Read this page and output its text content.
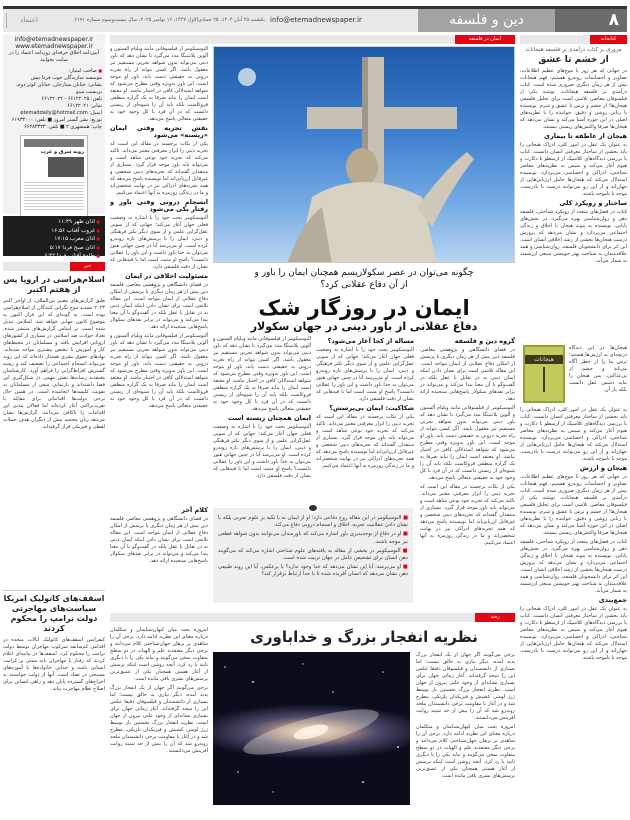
۸
دین و فلسفه
info@etemadnewspaper.ir
یکشنبه ۲۵ آبان ۱۴۰۴، ۲۵ جمادی‌الاول ۱۴۴۷، ۱۶ نوامبر ۲۰۲۵، سال بیست‌وسوم شماره ۶۱۹۱
اعتماد
info@etemadnewspaper.ir
www.etemadnewspaper.ir
آیین‌نامه اخلاق حرفه‌ای روزنامه اعتماد را در سایت بخوانید
■ صاحب امتیاز:
موسسه سازندگان خوب فردا بیش
نشانی: خیابان ستارخان، خیابان کوثر دوم، بن‌بست مینو
تلفن: ۶۶۱۲۲۰۲۵ - ۶۶۱۲۲۰۲۲
نمابر: ۶۶۱۲۲۰۲۱
ایمیل: etemaddaily@hotmail.com
توزیع: نشر گستر امروز ■ تلفن: ۶۱۹۳۳۰۰۰
چاپ: همشهری ۲ ■ تلفن: ۶۶۲۸۳۳۳۳
روبه شرق و غرب
■ اذان ظهر ۱۱:۴۹
■ غروب آفتاب ۱۶:۵۶
■ اذان مغرب ۱۷:۱۵
■ اذان صبح فردا ۵:۱۷
■ طلوع آفتاب فردا ۶:۴۲
خبر
اسلام‌هراسی در اروپا پس از هفتم اکتبر
طبق گزارش‌های معتبر بین‌المللی، از اواخر اکتبر ۲۰۲۳ تشدید موج نگرانی کنندگان از اسلام‌هراسی بوده است. به گونه‌ای که این فراز اکنون به موضوع کانون جهانی خواهد شد. اسلامی تبدیل شده است. بر اساس گزارش‌های منتشر شده، تعداد حوادث ضد اسلامی در بسیاری از کشورهای اروپایی افزایش یافته و مسلمانان در محیط‌های کار و آموزش با تبعیض بیشتری مواجه شده‌اند. نهادهای حقوق بشری هشدار داده‌اند که این روند می‌تواند انسجام اجتماعی را تضعیف کند و زمینه گسترش افراط‌گرایی را فراهم آورد. کارشناسان معتقدند رسانه‌ها نقش مهمی در شکل‌گیری این فضا داشته‌اند و بازنمایی منفی از مسلمانان به تقویت کلیشه‌ها انجامیده است. در همین حال برخی دولت‌ها اقداماتی برای مقابله با نفرت‌پراکنی آغاز کرده‌اند اما فعالان مدنی این اقدامات را ناکافی می‌دانند. گزارش‌ها نشان می‌دهد زنان محجبه بیش از دیگران هدف حملات لفظی و فیزیکی قرار گرفته‌اند.
اسقف‌های کاتولیک امریکا سیاست‌های مهاجرتی دولت ترامپ را محکوم کردند
کنفرانس اسقف‌های کاتولیک ایالات متحده در اقدامی کم‌سابقه سرکوب مهاجران توسط دولت ترامپ را محکوم کرد. اسقف‌ها در بیانیه‌ای اعلام کردند که رفتار با مهاجران باید مبتنی بر کرامت انسانی باشد و جدایی خانواده‌ها با آموزه‌های مسیحی در تضاد است. آنها از دولت خواستند به اخراج‌های گسترده پایان دهد و راهی انسانی برای اصلاح نظام مهاجرت بیابد.
ایمان در فلسفه

آلنوسیکومر از فیلسوفانی مانند ویلیام آلستون و آلوین پلانتینگا مدد می‌گیرد تا نشان دهد که باور دینی می‌تواند بدون شواهد تجربی مستقیم نیز معقول باشد. اگر کسی بتواند از راه تجربه درونی به حقیقتی دست یابد، باور او موجه است. این باور به‌ویژه وقتی مطرح می‌شود که شواهد استدلالی کافی در اختیار نباشد. او معتقد است ایمان را نباید صرفا به یک گزاره منطقی فروکاست بلکه باید آن را شیوه‌ای از زیستن دانست که در آن فرد با کل وجود خود به حقیقتی متعالی پاسخ می‌دهد.

نقش تجربه وقتی ایمان «زیسته» می‌شود

یکی از نکات برجسته در مقاله این است که تجربه دینی را ابزار معرفتی معتبر می‌داند. تاکید می‌کند که تجربه خود نوعی شاهد است و می‌تواند پایه باور موجه قرار گیرد. بسیاری از منتقدان گفته‌اند که تجربه‌های دینی شخصی و غیرقابل ارزیابی‌اند اما نویسنده پاسخ می‌دهد که همه تجربه‌های ادراکی نیز در نهایت شخصی‌اند و ما در زندگی روزمره به آنها اعتماد می‌کنیم.

انسجام درونی وقتی باور و رفتار یکی می‌شود

آلنوسیکومر بحث خود را با اشاره به وضعیت فعلی جهان آغاز می‌کند؛ جهانی که از سویی عقل‌گرایی علمی و از سوی دیگر تکثر فرهنگی و دینی، ایمان را با پرسش‌های تازه روبه‌رو کرده است. او می‌پرسد آیا در چنین جهانی هنوز می‌توان به خدا باور داشت و این باور را عقلانی دانست؟ پاسخ او مثبت است اما با قیدهایی که نشان از دقت فلسفی دارد.

مسئولیت اخلاقی در ایمان

در فضای دانشگاهی و پژوهشی معاصر، فلسفه دین بیش از هر زمان دیگری با پرسش از امکان دفاع عقلانی از ایمان مواجه است. این مقاله تلاشی است برای نشان دادن اینکه ایمان دینی نه در تقابل با عقل بلکه در گفت‌وگو با آن معنا پیدا می‌کند و می‌تواند در برابر نقدهای سکولار پاسخ‌هایی سنجیده ارائه دهد.

آلنوسیکومر از فیلسوفانی مانند ویلیام آلستون و آلوین پلانتینگا مدد می‌گیرد تا نشان دهد که باور دینی می‌تواند بدون شواهد تجربی مستقیم نیز معقول باشد. اگر کسی بتواند از راه تجربه درونی به حقیقتی دست یابد، باور او موجه است. این باور به‌ویژه وقتی مطرح می‌شود که شواهد استدلالی کافی در اختیار نباشد. او معتقد است ایمان را نباید صرفا به یک گزاره منطقی فروکاست بلکه باید آن را شیوه‌ای از زیستن دانست که در آن فرد با کل وجود خود به حقیقتی متعالی پاسخ می‌دهد.

کلام آخر

در فضای دانشگاهی و پژوهشی معاصر، فلسفه دین بیش از هر زمان دیگری با پرسش از امکان دفاع عقلانی از ایمان مواجه است. این مقاله تلاشی است برای نشان دادن اینکه ایمان دینی نه در تقابل با عقل بلکه در گفت‌وگو با آن معنا پیدا می‌کند و می‌تواند در برابر نقدهای سکولار پاسخ‌هایی سنجیده ارائه دهد.

چگونه می‌توان در عصر سکولاریسم همچنان ایمان را باور و از آن دفاع عقلانی کرد؟
ایمان در روزگار شک
دفاع عقلانی از باور دینی در جهان سکولار
گروه دین و فلسفه

در فضای دانشگاهی و پژوهشی معاصر، فلسفه دین بیش از هر زمان دیگری با پرسش از امکان دفاع عقلانی از ایمان مواجه است. این مقاله تلاشی است برای نشان دادن اینکه ایمان دینی نه در تقابل با عقل بلکه در گفت‌وگو با آن معنا پیدا می‌کند و می‌تواند در برابر نقدهای سکولار پاسخ‌هایی سنجیده ارائه دهد.

آلنوسیکومر از فیلسوفانی مانند ویلیام آلستون و آلوین پلانتینگا مدد می‌گیرد تا نشان دهد که باور دینی می‌تواند بدون شواهد تجربی مستقیم نیز معقول باشد. اگر کسی بتواند از راه تجربه درونی به حقیقتی دست یابد، باور او موجه است. این باور به‌ویژه وقتی مطرح می‌شود که شواهد استدلالی کافی در اختیار نباشد. او معتقد است ایمان را نباید صرفا به یک گزاره منطقی فروکاست بلکه باید آن را شیوه‌ای از زیستن دانست که در آن فرد با کل وجود خود به حقیقتی متعالی پاسخ می‌دهد.

یکی از نکات برجسته در مقاله این است که تجربه دینی را ابزار معرفتی معتبر می‌داند. تاکید می‌کند که تجربه خود نوعی شاهد است و می‌تواند پایه باور موجه قرار گیرد. بسیاری از منتقدان گفته‌اند که تجربه‌های دینی شخصی و غیرقابل ارزیابی‌اند اما نویسنده پاسخ می‌دهد که همه تجربه‌های ادراکی نیز در نهایت شخصی‌اند و ما در زندگی روزمره به آنها اعتماد می‌کنیم.

مساله از کجا آغاز می‌شود؟

آلنوسیکومر بحث خود را با اشاره به وضعیت فعلی جهان آغاز می‌کند؛ جهانی که از سویی عقل‌گرایی علمی و از سوی دیگر تکثر فرهنگی و دینی، ایمان را با پرسش‌های تازه روبه‌رو کرده است. او می‌پرسد آیا در چنین جهانی هنوز می‌توان به خدا باور داشت و این باور را عقلانی دانست؟ پاسخ او مثبت است اما با قیدهایی که نشان از دقت فلسفی دارد.

شکاکیت: ایمان بی‌پرسش؟

یکی از نکات برجسته در مقاله این است که تجربه دینی را ابزار معرفتی معتبر می‌داند. تاکید می‌کند که تجربه خود نوعی شاهد است و می‌تواند پایه باور موجه قرار گیرد. بسیاری از منتقدان گفته‌اند که تجربه‌های دینی شخصی و غیرقابل ارزیابی‌اند اما نویسنده پاسخ می‌دهد که همه تجربه‌های ادراکی نیز در نهایت شخصی‌اند و ما در زندگی روزمره به آنها اعتماد می‌کنیم.

آلنوسیکومر از فیلسوفانی مانند ویلیام آلستون و آلوین پلانتینگا مدد می‌گیرد تا نشان دهد که باور دینی می‌تواند بدون شواهد تجربی مستقیم نیز معقول باشد. اگر کسی بتواند از راه تجربه درونی به حقیقتی دست یابد، باور او موجه است. این باور به‌ویژه وقتی مطرح می‌شود که شواهد استدلالی کافی در اختیار نباشد. او معتقد است ایمان را نباید صرفا به یک گزاره منطقی فروکاست بلکه باید آن را شیوه‌ای از زیستن دانست که در آن فرد با کل وجود خود به حقیقتی متعالی پاسخ می‌دهد.

ایمان همچنان زیسته است

آلنوسیکومر بحث خود را با اشاره به وضعیت فعلی جهان آغاز می‌کند؛ جهانی که از سویی عقل‌گرایی علمی و از سوی دیگر تکثر فرهنگی و دینی، ایمان را با پرسش‌های تازه روبه‌رو کرده است. او می‌پرسد آیا در چنین جهانی هنوز می‌توان به خدا باور داشت و این باور را عقلانی دانست؟ پاسخ او مثبت است اما با قیدهایی که نشان از دقت فلسفی دارد.

■ آلنوسیکومر در این مقاله روح دفاعی دارد؛ او از ایمان نه با تکیه بر علوم تجربی بلکه با نشان دادن عقلانیت تجربه، اخلاق و انسجام درونی دفاع می‌کند.

■ او در دفاع از توجه‌پذیری باور اشاره می‌کند که باورمندان می‌توانند بدون شواهد قطعی نیز موجه باشند.

■ آلنوسیکومر در بخشی از مقاله به یافته‌های علوم شناختی اشاره می‌کند که می‌گویند ذهن انسان برای تشخیص عامل در جهان تربیت شده است.

■ او می‌پرسد: آیا این نشان می‌دهد که خدا وجود ندارد؟ یا برعکس، آیا این روند طبیعی ذهن نشان می‌دهد که انسان آفریده شده تا با خدا ارتباط برقرار کند؟

رصد
نظریه انفجار بزرگ و خداباوری

برخی می‌گویند اگر جهان از یک انفجار بزرگ پدید آمده، دیگر نیازی به خالق نیست؛ اما بسیاری از دانشمندان و فیلسوفان دقیقا عکس این را نتیجه گرفته‌اند. آغاز زمانی جهان برای بسیاری نشانه‌ای از وجود علتی بیرون از جهان است. نظریه انفجار بزرگ نخستین بار توسط ژرژ لومتر، کشیش و فیزیکدان بلژیکی، مطرح شد و در آغاز با مقاومت برخی دانشمندان ملحد روبه‌رو شد که آن را بیش از حد شبیه روایت آفرینش می‌دانستند.

امروزه بحث میان کیهان‌شناسان و متکلمان درباره معنای این نظریه ادامه دارد. برخی آن را شاهدی بر برهان جهان‌شناختی کلام می‌دانند و برخی دیگر معتقدند علم و الهیات در دو سطح متفاوت سخن می‌گویند و نباید یکی را با دیگری تایید یا رد کرد. آنچه روشن است اینکه پرسش از آغاز هستی همچنان یکی از عمیق‌ترین پرسش‌های بشری باقی مانده است.

امروزه بحث میان کیهان‌شناسان و متکلمان درباره معنای این نظریه ادامه دارد. برخی آن را شاهدی بر برهان جهان‌شناختی کلام می‌دانند و برخی دیگر معتقدند علم و الهیات در دو سطح متفاوت سخن می‌گویند و نباید یکی را با دیگری تایید یا رد کرد. آنچه روشن است اینکه پرسش از آغاز هستی همچنان یکی از عمیق‌ترین پرسش‌های بشری باقی مانده است.

برخی می‌گویند اگر جهان از یک انفجار بزرگ پدید آمده، دیگر نیازی به خالق نیست؛ اما بسیاری از دانشمندان و فیلسوفان دقیقا عکس این را نتیجه گرفته‌اند. آغاز زمانی جهان برای بسیاری نشانه‌ای از وجود علتی بیرون از جهان است. نظریه انفجار بزرگ نخستین بار توسط ژرژ لومتر، کشیش و فیزیکدان بلژیکی، مطرح شد و در آغاز با مقاومت برخی دانشمندان ملحد روبه‌رو شد که آن را بیش از حد شبیه روایت آفرینش می‌دانستند.

کتابخانه
مروری بر کتاب درآمدی بر فلسفه هیجانات
از خشم تا عشق

در جهانی که هر روز با موج‌های عظیم اطلاعات، تصاویر و احساسات روبه‌رو هستیم، فهم هیجانات بیش از هر زمان دیگری ضروری شده است. کتاب درآمدی بر فلسفه هیجانات، نوشته یکی از فیلسوفان معاصر، تلاشی است برای تحلیل فلسفی هیجان‌ها؛ از خشم و ترس تا عشق و شرم. نویسنده با زبانی روشن و دقیق، خواننده را با نظریه‌های اصلی در این حوزه آشنا می‌کند و نشان می‌دهد که هیجان‌ها صرفا واکنش‌های زیستی نیستند.

هیجان از عاطفه تا بیماری

به عنوان یک عقل در امور کلی، ادراک هیجانی را باید بخشی از ساختار معرفتی انسان دانست. کتاب با بررسی دیدگاه‌های کلاسیک از ارسطو تا دکارت و هیوم آغاز می‌کند و سپس به نظریه‌های معاصر شناختی، ادراکی و احساسی می‌پردازد. نویسنده استدلال می‌کند که هیجان‌ها حامل ارزیابی‌هایی از جهان‌اند و از این رو می‌توانند درست یا نادرست، موجه یا ناموجه باشند.

ساختار و رویکرد کلی

کتاب در فصل‌های متعدد از رویکرد شناختی، فلسفه ذهن و روان‌شناسی بهره می‌گیرد. در بخش‌های پایانی، نویسنده به پیوند هیجان با اخلاق و زندگی اجتماعی می‌پردازد و نشان می‌دهد که پرورش درست هیجان‌ها بخشی از رشد اخلاقی انسان است. این اثر برای دانشجویان فلسفه، روان‌شناسی و همه علاقه‌مندان به شناخت بهتر خویشتن منبعی ارزشمند به شمار می‌آید.

هیجانات

هیجان‌ها در این دیدگاه دریچه‌ای به ارزش‌ها هستند؛ ترس ما را از خطر آگاه می‌کند و خشم از بی‌عدالتی. پس هیجان را نباید دشمن عقل دانست بلکه یار آن.

به عنوان یک عقل در امور کلی، ادراک هیجانی را باید بخشی از ساختار معرفتی انسان دانست. کتاب با بررسی دیدگاه‌های کلاسیک از ارسطو تا دکارت و هیوم آغاز می‌کند و سپس به نظریه‌های معاصر شناختی، ادراکی و احساسی می‌پردازد. نویسنده استدلال می‌کند که هیجان‌ها حامل ارزیابی‌هایی از جهان‌اند و از این رو می‌توانند درست یا نادرست، موجه یا ناموجه باشند.

هیجان و ارزش

در جهانی که هر روز با موج‌های عظیم اطلاعات، تصاویر و احساسات روبه‌رو هستیم، فهم هیجانات بیش از هر زمان دیگری ضروری شده است. کتاب درآمدی بر فلسفه هیجانات، نوشته یکی از فیلسوفان معاصر، تلاشی است برای تحلیل فلسفی هیجان‌ها؛ از خشم و ترس تا عشق و شرم. نویسنده با زبانی روشن و دقیق، خواننده را با نظریه‌های اصلی در این حوزه آشنا می‌کند و نشان می‌دهد که هیجان‌ها صرفا واکنش‌های زیستی نیستند.

کتاب در فصل‌های متعدد از رویکرد شناختی، فلسفه ذهن و روان‌شناسی بهره می‌گیرد. در بخش‌های پایانی، نویسنده به پیوند هیجان با اخلاق و زندگی اجتماعی می‌پردازد و نشان می‌دهد که پرورش درست هیجان‌ها بخشی از رشد اخلاقی انسان است. این اثر برای دانشجویان فلسفه، روان‌شناسی و همه علاقه‌مندان به شناخت بهتر خویشتن منبعی ارزشمند به شمار می‌آید.

جمع‌بندی

به عنوان یک عقل در امور کلی، ادراک هیجانی را باید بخشی از ساختار معرفتی انسان دانست. کتاب با بررسی دیدگاه‌های کلاسیک از ارسطو تا دکارت و هیوم آغاز می‌کند و سپس به نظریه‌های معاصر شناختی، ادراکی و احساسی می‌پردازد. نویسنده استدلال می‌کند که هیجان‌ها حامل ارزیابی‌هایی از جهان‌اند و از این رو می‌توانند درست یا نادرست، موجه یا ناموجه باشند.
